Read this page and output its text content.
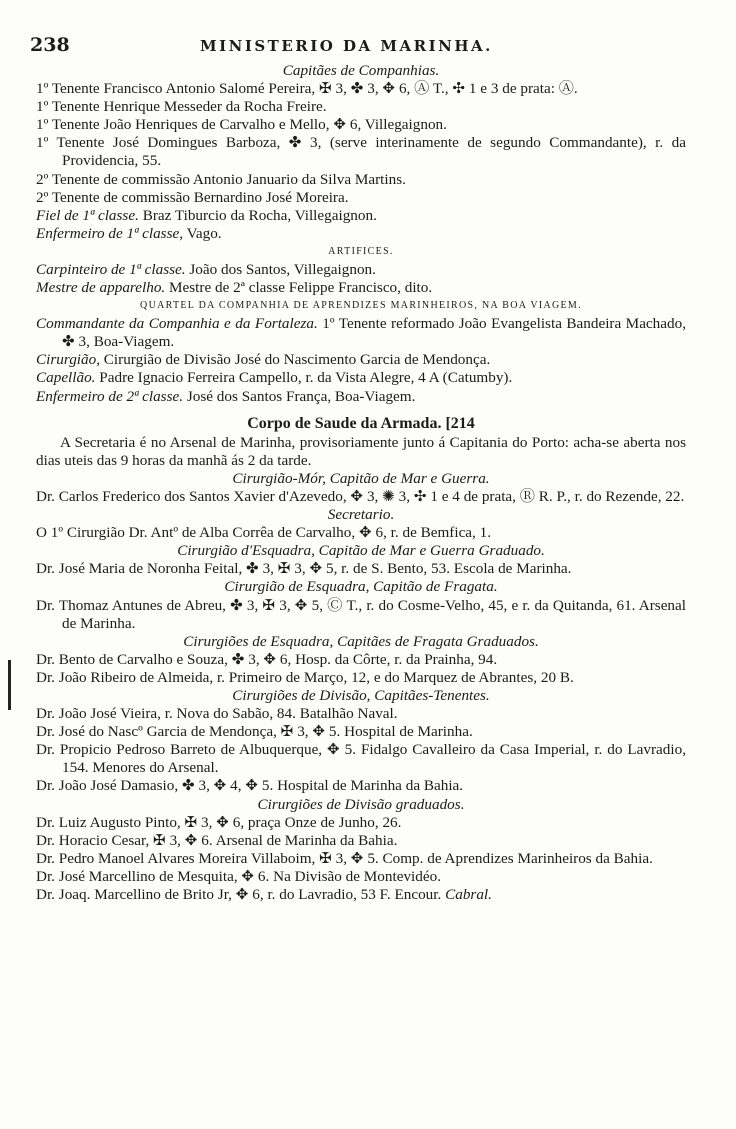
238	MINISTERIO DA MARINHA.
Capitães de Companhias.
1º Tenente Francisco Antonio Salomé Pereira, ✠ 3, ✤ 3, ✥ 6, Ⓐ T., ✣ 1 e 3 de prata: Ⓐ.
1º Tenente Henrique Messeder da Rocha Freire.
1º Tenente João Henriques de Carvalho e Mello, ✥ 6, Villegaignon.
1º Tenente José Domingues Barboza, ✤ 3, (serve interinamente de segundo Commandante), r. da Providencia, 55.
2º Tenente de commissão Antonio Januario da Silva Martins.
2º Tenente de commissão Bernardino José Moreira.
Fiel de 1ª classe. Braz Tiburcio da Rocha, Villegaignon.
Enfermeiro de 1ª classe, Vago.
ARTIFICES.
Carpinteiro de 1ª classe. João dos Santos, Villegaignon.
Mestre de apparelho. Mestre de 2ª classe Felippe Francisco, dito.
QUARTEL DA COMPANHIA DE APRENDIZES MARINHEIROS, NA BOA VIAGEM.
Commandante da Companhia e da Fortaleza. 1º Tenente reformado João Evangelista Bandeira Machado, ✤ 3, Boa-Viagem.
Cirurgião, Cirurgião de Divisão José do Nascimento Garcia de Mendonça.
Capellão. Padre Ignacio Ferreira Campello, r. da Vista Alegre, 4 A (Catumby).
Enfermeiro de 2ª classe. José dos Santos França, Boa-Viagem.
Corpo de Saude da Armada. [214
A Secretaria é no Arsenal de Marinha, provisoriamente junto á Capitania do Porto: acha-se aberta nos dias uteis das 9 horas da manhã ás 2 da tarde.
Cirurgião-Mór, Capitão de Mar e Guerra.
Dr. Carlos Frederico dos Santos Xavier d'Azevedo, ✥ 3, ✺ 3, ✣ 1 e 4 de prata, Ⓡ R. P., r. do Rezende, 22.
Secretario.
O 1º Cirurgião Dr. Antº de Alba Corrêa de Carvalho, ✥ 6, r. de Bemfica, 1.
Cirurgião d'Esquadra, Capitão de Mar e Guerra Graduado.
Dr. José Maria de Noronha Feital, ✤ 3, ✠ 3, ✥ 5, r. de S. Bento, 53. Escola de Marinha.
Cirurgião de Esquadra, Capitão de Fragata.
Dr. Thomaz Antunes de Abreu, ✤ 3, ✠ 3, ✥ 5, Ⓒ T., r. do Cosme-Velho, 45, e r. da Quitanda, 61. Arsenal de Marinha.
Cirurgiões de Esquadra, Capitães de Fragata Graduados.
Dr. Bento de Carvalho e Souza, ✤ 3, ✥ 6, Hosp. da Côrte, r. da Prainha, 94.
Dr. João Ribeiro de Almeida, r. Primeiro de Março, 12, e do Marquez de Abrantes, 20 B.
Cirurgiões de Divisão, Capitães-Tenentes.
Dr. João José Vieira, r. Nova do Sabão, 84. Batalhão Naval.
Dr. José do Nascº Garcia de Mendonça, ✠ 3, ✥ 5. Hospital de Marinha.
Dr. Propicio Pedroso Barreto de Albuquerque, ✥ 5. Fidalgo Cavalleiro da Casa Imperial, r. do Lavradio, 154. Menores do Arsenal.
Dr. João José Damasio, ✤ 3, ✥ 4, ✥ 5. Hospital de Marinha da Bahia.
Cirurgiões de Divisão graduados.
Dr. Luiz Augusto Pinto, ✠ 3, ✥ 6, praça Onze de Junho, 26.
Dr. Horacio Cesar, ✠ 3, ✥ 6. Arsenal de Marinha da Bahia.
Dr. Pedro Manoel Alvares Moreira Villaboim, ✠ 3, ✥ 5. Comp. de Aprendizes Marinheiros da Bahia.
Dr. José Marcellino de Mesquita, ✥ 6. Na Divisão de Montevidéo.
Dr. Joaq. Marcellino de Brito Jr, ✥ 6, r. do Lavradio, 53 F. Encour. Cabral.
